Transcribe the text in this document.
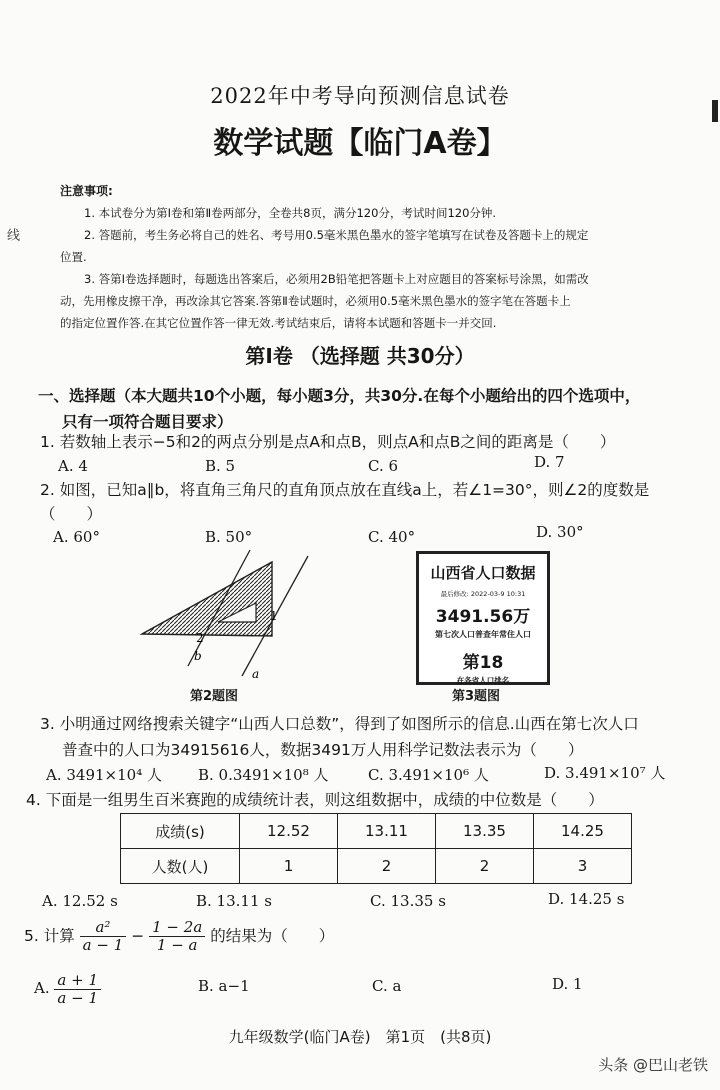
线
2022年中考导向预测信息试卷
数学试题【临门A卷】

注意事项:

1. 本试卷分为第Ⅰ卷和第Ⅱ卷两部分，全卷共8页，满分120分，考试时间120分钟.

2. 答题前，考生务必将自己的姓名、考号用0.5毫米黑色墨水的签字笔填写在试卷及答题卡上的规定

位置.

3. 答第Ⅰ卷选择题时，每题选出答案后，必须用2B铅笔把答题卡上对应题目的答案标号涂黑，如需改

动，先用橡皮擦干净，再改涂其它答案.答第Ⅱ卷试题时，必须用0.5毫米黑色墨水的签字笔在答题卡上

的指定位置作答.在其它位置作答一律无效.考试结束后，请将本试题和答题卡一并交回.

第Ⅰ卷 （选择题 共30分）
一、选择题（本大题共10个小题，每小题3分，共30分.在每个小题给出的四个选项中，
只有一项符合题目要求）
1. 若数轴上表示−5和2的两点分别是点A和点B，则点A和点B之间的距离是（　　）
A. 4	B. 5	C. 6	D. 7
2. 如图，已知a∥b，将直角三角尺的直角顶点放在直线a上，若∠1=30°，则∠2的度数是
（　　）
A. 60°	B. 50°	C. 40°	D. 30°
1
2
a
b
第2题图
山西省人口数据
最后修改: 2022-03-9 10:31
3491.56万
第七次人口普查年常住人口
第18
在各省人口排名
第3题图
3. 小明通过网络搜索关键字“山西人口总数”，得到了如图所示的信息.山西在第七次人口
普查中的人口为34915616人，数据3491万人用科学记数法表示为（　　）
A. 3491×10⁴ 人 B. 0.3491×10⁸ 人	C. 3.491×10⁶ 人	D. 3.491×10⁷ 人
4. 下面是一组男生百米赛跑的成绩统计表，则这组数据中，成绩的中位数是（　　）
成绩(s)	12.52	13.11	13.35	14.25
人数(人)	1	2	2	3
A. 12.52 s	B. 13.11 s	C. 13.35 s	D. 14.25 s
5. 计算 $\frac{\text{a²}}{a - 1} - \frac{1 - 2a}{1 - a}$ 的结果为（　　）
A. $\frac{a + 1}{a - 1}$	B. a−1	C. a	D. 1
九年级数学(临门A卷)　第1页　(共8页)
头条 @巴山老铁
